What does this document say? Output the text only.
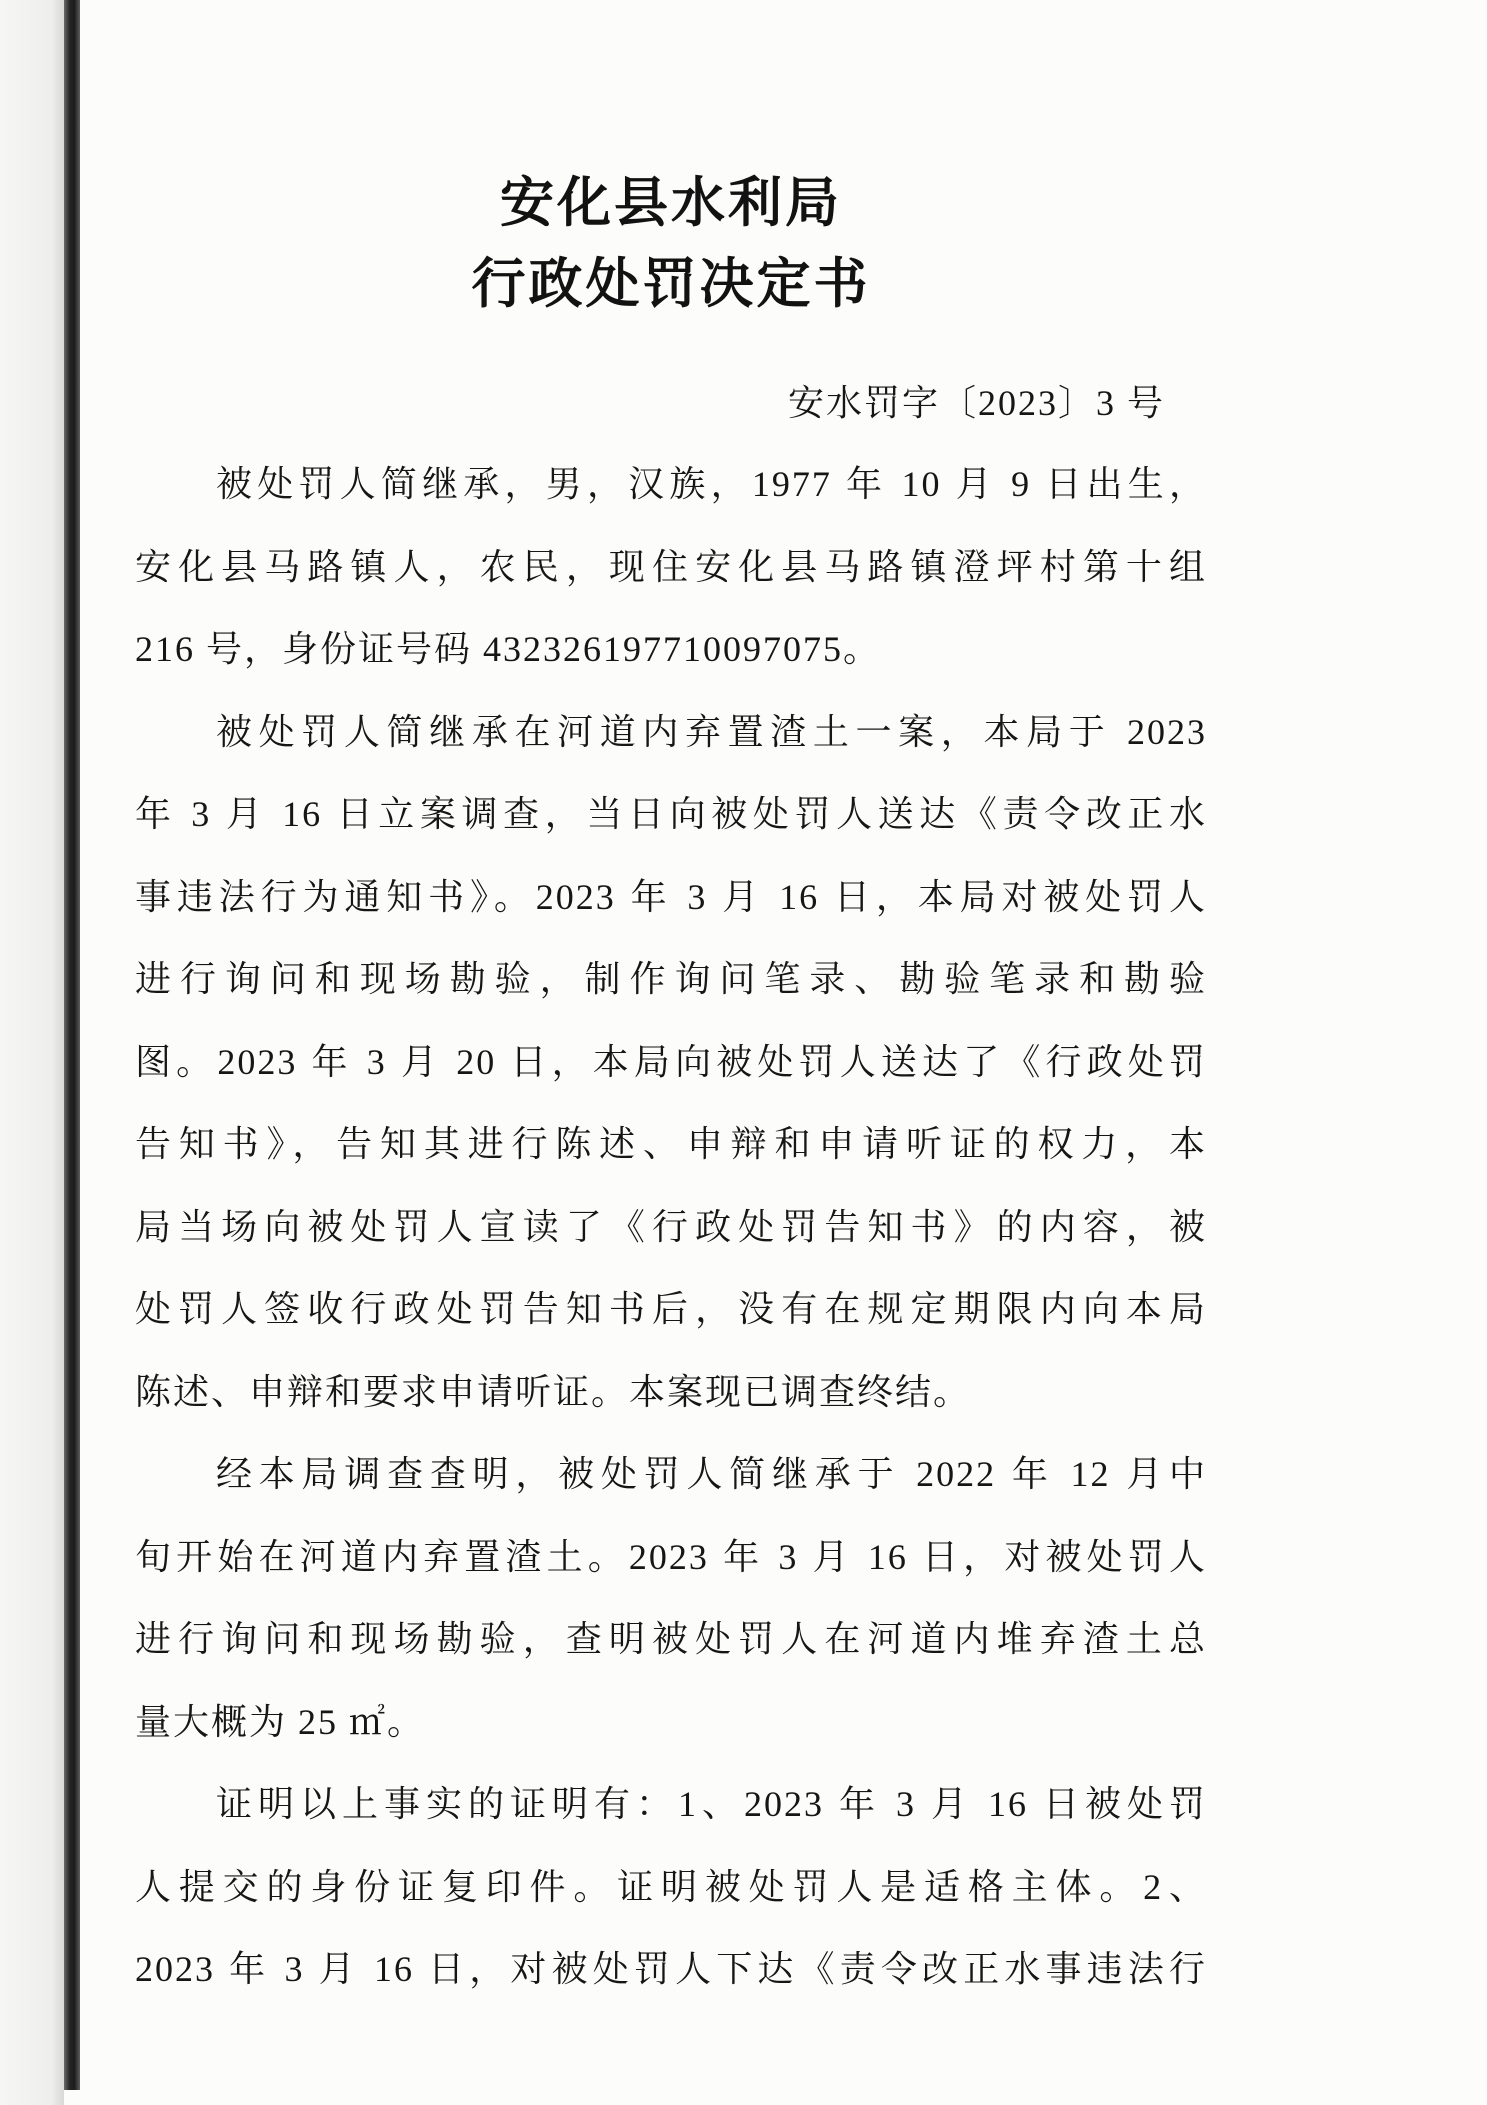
安化县水利局
行政处罚决定书
安水罚字〔2023〕3 号
被处罚人简继承，男，汉族，1977 年 10 月 9 日出生，
安化县马路镇人，农民，现住安化县马路镇澄坪村第十组
216 号，身份证号码 432326197710097075。
被处罚人简继承在河道内弃置渣土一案，本局于 2023
年 3 月 16 日立案调查，当日向被处罚人送达《责令改正水
事违法行为通知书》。2023 年 3 月 16 日，本局对被处罚人
进行询问和现场勘验，制作询问笔录、勘验笔录和勘验
图。2023 年 3 月 20 日，本局向被处罚人送达了《行政处罚
告知书》，告知其进行陈述、申辩和申请听证的权力，本
局当场向被处罚人宣读了《行政处罚告知书》的内容，被
处罚人签收行政处罚告知书后，没有在规定期限内向本局
陈述、申辩和要求申请听证。本案现已调查终结。
经本局调查查明，被处罚人简继承于 2022 年 12 月中
旬开始在河道内弃置渣土。2023 年 3 月 16 日，对被处罚人
进行询问和现场勘验，查明被处罚人在河道内堆弃渣土总
量大概为 25 ㎡。
证明以上事实的证明有：1、2023 年 3 月 16 日被处罚
人提交的身份证复印件。证明被处罚人是适格主体。2、
2023 年 3 月 16 日，对被处罚人下达《责令改正水事违法行
